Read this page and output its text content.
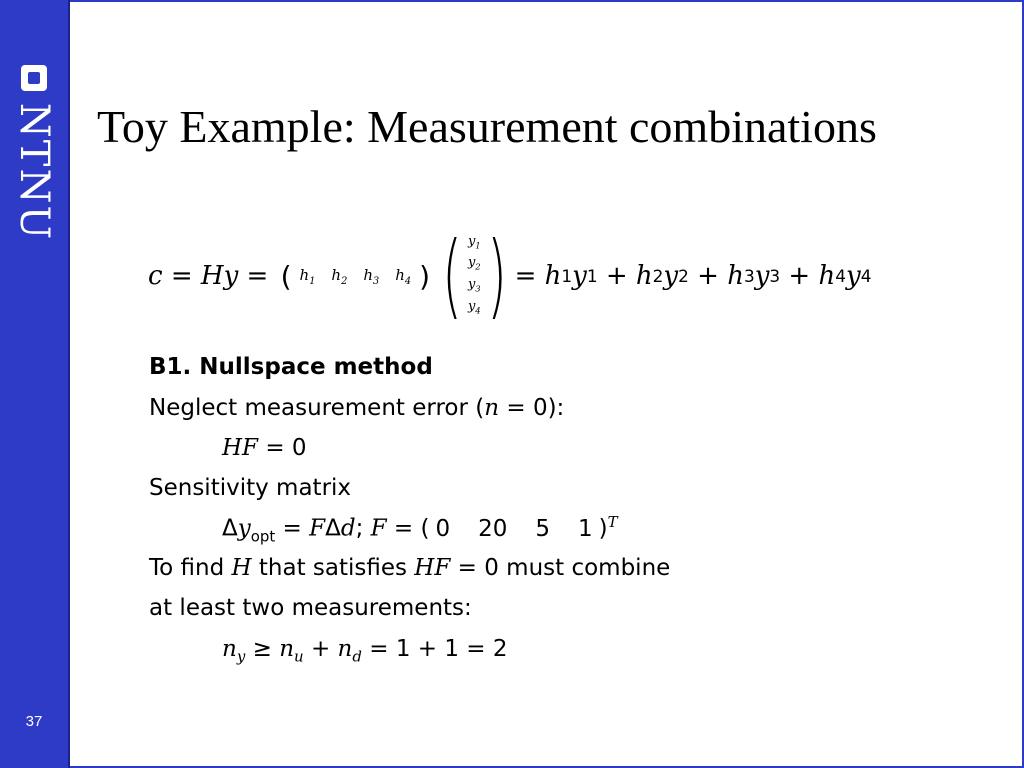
NTNU
37
Toy Example: Measurement combinations
c
=
Hy
=
( $h_1$ $h_2$ $h_3$ $h_4$ ) ( $y_1$
$y_2$
$y_3$
$y_4$ ) =
h 1 y 1
+
h 2 y 2
+
h 3 y 3
+
h 4 y 4
B1. Nullspace method
Neglect measurement error (n = 0):
HF = 0
Sensitivity matrix
$\Delta y_{opt} = F\Delta d$; F = ( 0 20 5 1 )$^T$
To find H that satisfies HF = 0 must combine
at least two measurements:
$n_y \ge n_u + n_d = 1 + 1 = 2$
